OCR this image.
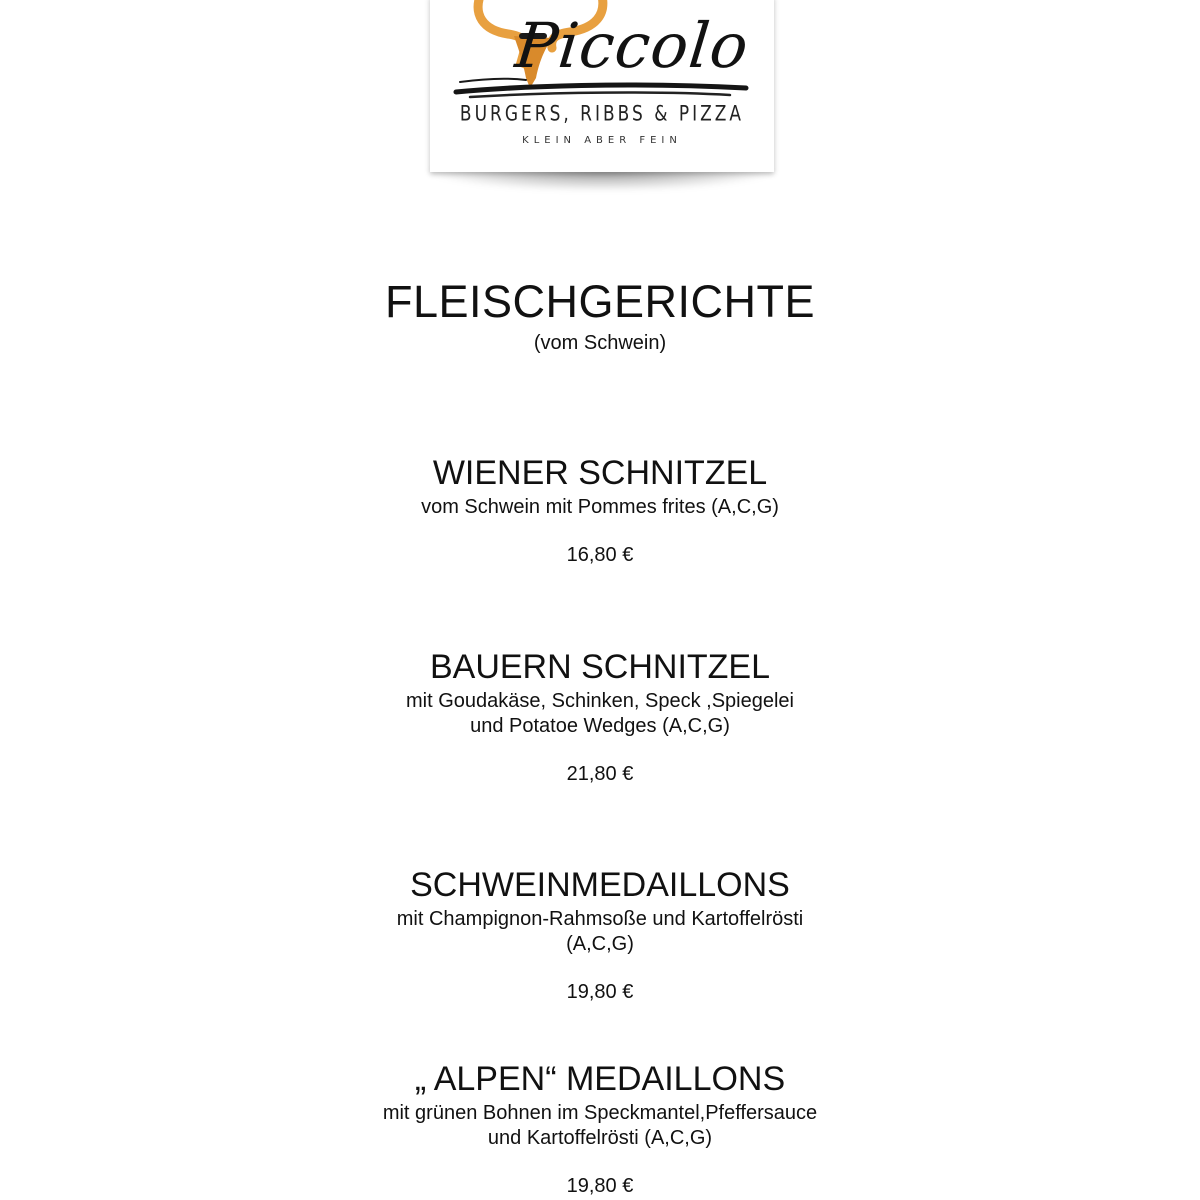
Piccolo
BURGERS, RIBBS & PIZZA
KLEIN ABER FEIN
FLEISCHGERICHTE
(vom Schwein)
WIENER SCHNITZEL
vom Schwein mit Pommes frites (A,C,G)
16,80 €
BAUERN SCHNITZEL
mit Goudakäse, Schinken, Speck ,Spiegelei
und Potatoe Wedges (A,C,G)
21,80 €
SCHWEINMEDAILLONS
mit Champignon-Rahmsoße und Kartoffelrösti
(A,C,G)
19,80 €
„ ALPEN“ MEDAILLONS
mit grünen Bohnen im Speckmantel,Pfeffersauce
und Kartoffelrösti (A,C,G)
19,80 €
